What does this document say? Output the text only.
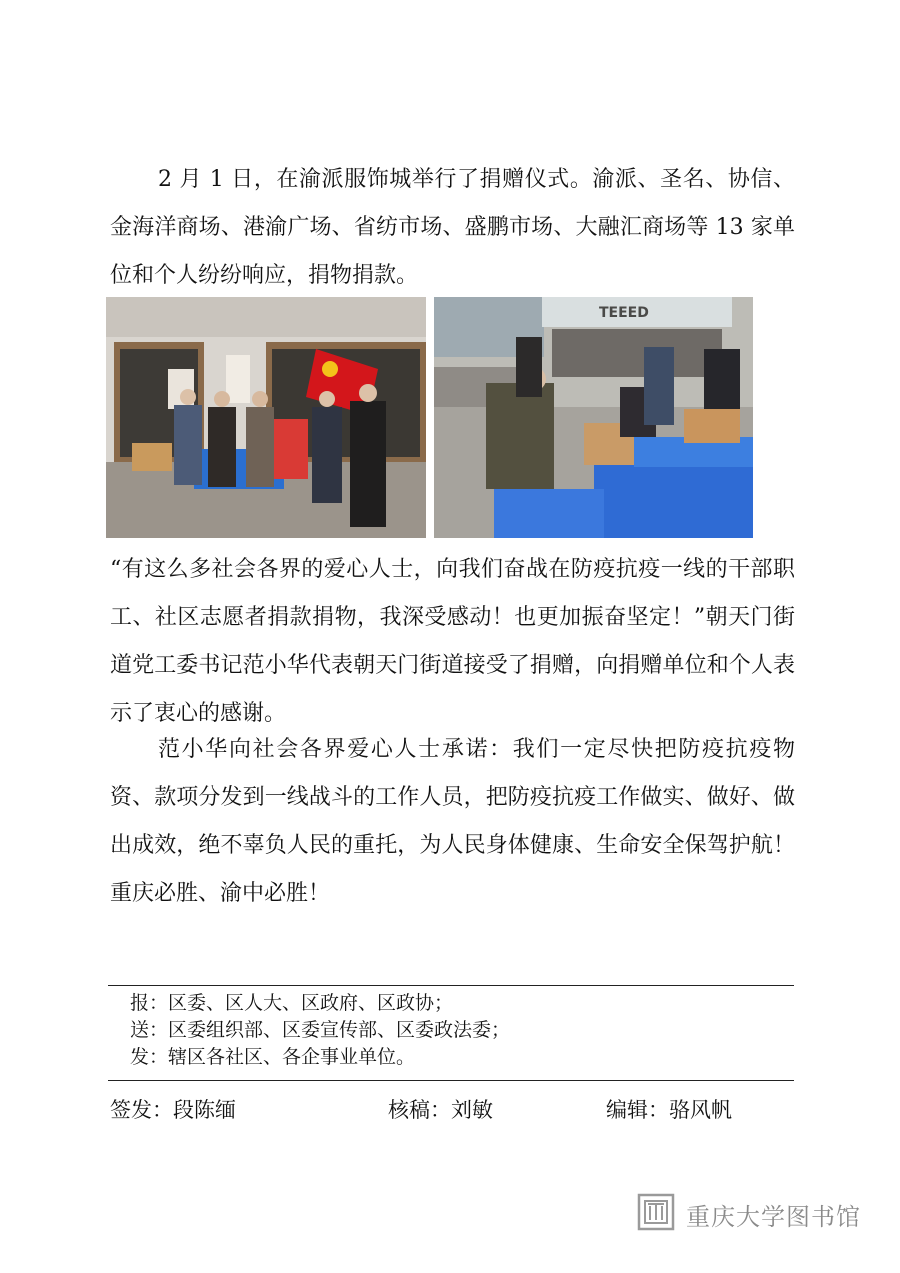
2 月 1 日，在渝派服饰城举行了捐赠仪式。渝派、圣名、协信、金海洋商场、港渝广场、省纺市场、盛鹏市场、大融汇商场等 13 家单位和个人纷纷响应，捐物捐款。

TEEED

“有这么多社会各界的爱心人士，向我们奋战在防疫抗疫一线的干部职工、社区志愿者捐款捐物，我深受感动！也更加振奋坚定！”朝天门街道党工委书记范小华代表朝天门街道接受了捐赠，向捐赠单位和个人表示了衷心的感谢。

范小华向社会各界爱心人士承诺：我们一定尽快把防疫抗疫物资、款项分发到一线战斗的工作人员，把防疫抗疫工作做实、做好、做出成效，绝不辜负人民的重托，为人民身体健康、生命安全保驾护航！重庆必胜、渝中必胜！

报：区委、区人大、区政府、区政协；
送：区委组织部、区委宣传部、区委政法委；
发：辖区各社区、各企事业单位。
签发：段陈缅	核稿：刘敏	编辑：骆风帆
重庆大学图书馆
